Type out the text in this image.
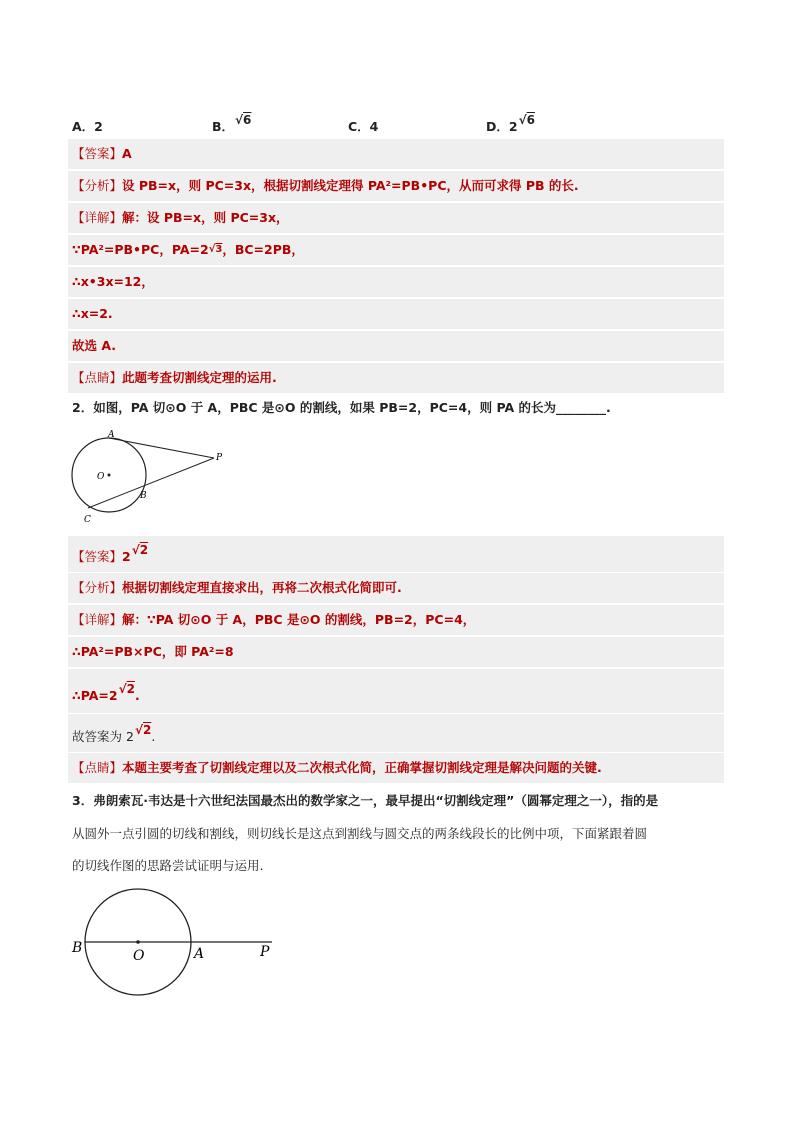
A．2	B．√6	C．4	D．2√6
【答案】A
【分析】设 PB=x，则 PC=3x，根据切割线定理得 PA²=PB•PC，从而可求得 PB 的长.
【详解】解：设 PB=x，则 PC=3x，
∵PA²=PB•PC，PA=2√3，BC=2PB，
∴x•3x=12，
∴x=2.
故选 A.
【点睛】此题考查切割线定理的运用.
2．如图，PA 切⊙O 于 A，PBC 是⊙O 的割线，如果 PB=2，PC=4，则 PA 的长为________.
A
P
O
B
C
【答案】2√2
【分析】根据切割线定理直接求出，再将二次根式化简即可.
【详解】解：∵PA 切⊙O 于 A，PBC 是⊙O 的割线，PB=2，PC=4，
∴PA²=PB×PC，即 PA²=8
∴PA=2√2.
故答案为 2√2.
【点睛】本题主要考查了切割线定理以及二次根式化简，正确掌握切割线定理是解决问题的关键.
3．弗朗索瓦·韦达是十六世纪法国最杰出的数学家之一，最早提出“切割线定理”（圆幂定理之一），指的是
从圆外一点引圆的切线和割线，则切线长是这点到割线与圆交点的两条线段长的比例中项，下面紧跟着圆
的切线作图的思路尝试证明与运用.
B	O	A	P
